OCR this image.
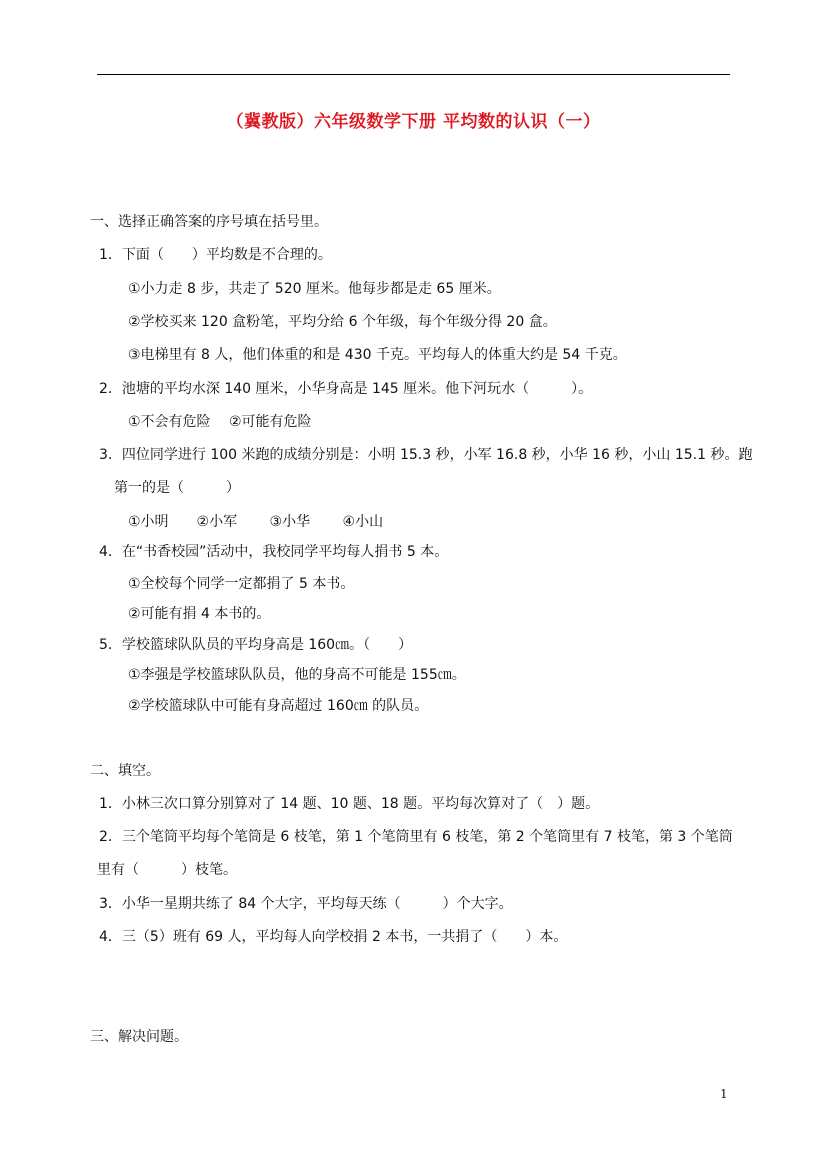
（冀教版）六年级数学下册 平均数的认识（一）
一、选择正确答案的序号填在括号里。
1．下面（　　）平均数是不合理的。
①小力走 8 步，共走了 520 厘米。他每步都是走 65 厘米。
②学校买来 120 盒粉笔，平均分给 6 个年级，每个年级分得 20 盒。
③电梯里有 8 人，他们体重的和是 430 千克。平均每人的体重大约是 54 千克。
2．池塘的平均水深 140 厘米，小华身高是 145 厘米。他下河玩水（　　　）。
①不会有危险　 ②可能有危险
3．四位同学进行 100 米跑的成绩分别是：小明 15.3 秒，小军 16.8 秒，小华 16 秒，小山 15.1 秒。跑
第一的是（　　　）
①小明　　②小军　　 ③小华　　 ④小山
4．在“书香校园”活动中，我校同学平均每人捐书 5 本。
①全校每个同学一定都捐了 5 本书。
②可能有捐 4 本书的。
5．学校篮球队队员的平均身高是 160㎝。（　　）
①李强是学校篮球队队员，他的身高不可能是 155㎝。
②学校篮球队中可能有身高超过 160㎝ 的队员。
二、填空。
1．小林三次口算分别算对了 14 题、10 题、18 题。平均每次算对了（　）题。
2．三个笔筒平均每个笔筒是 6 枝笔，第 1 个笔筒里有 6 枝笔，第 2 个笔筒里有 7 枝笔，第 3 个笔筒
里有（　　　）枝笔。
3．小华一星期共练了 84 个大字，平均每天练（　　　）个大字。
4．三（5）班有 69 人，平均每人向学校捐 2 本书，一共捐了（　　）本。
三、解决问题。
1
